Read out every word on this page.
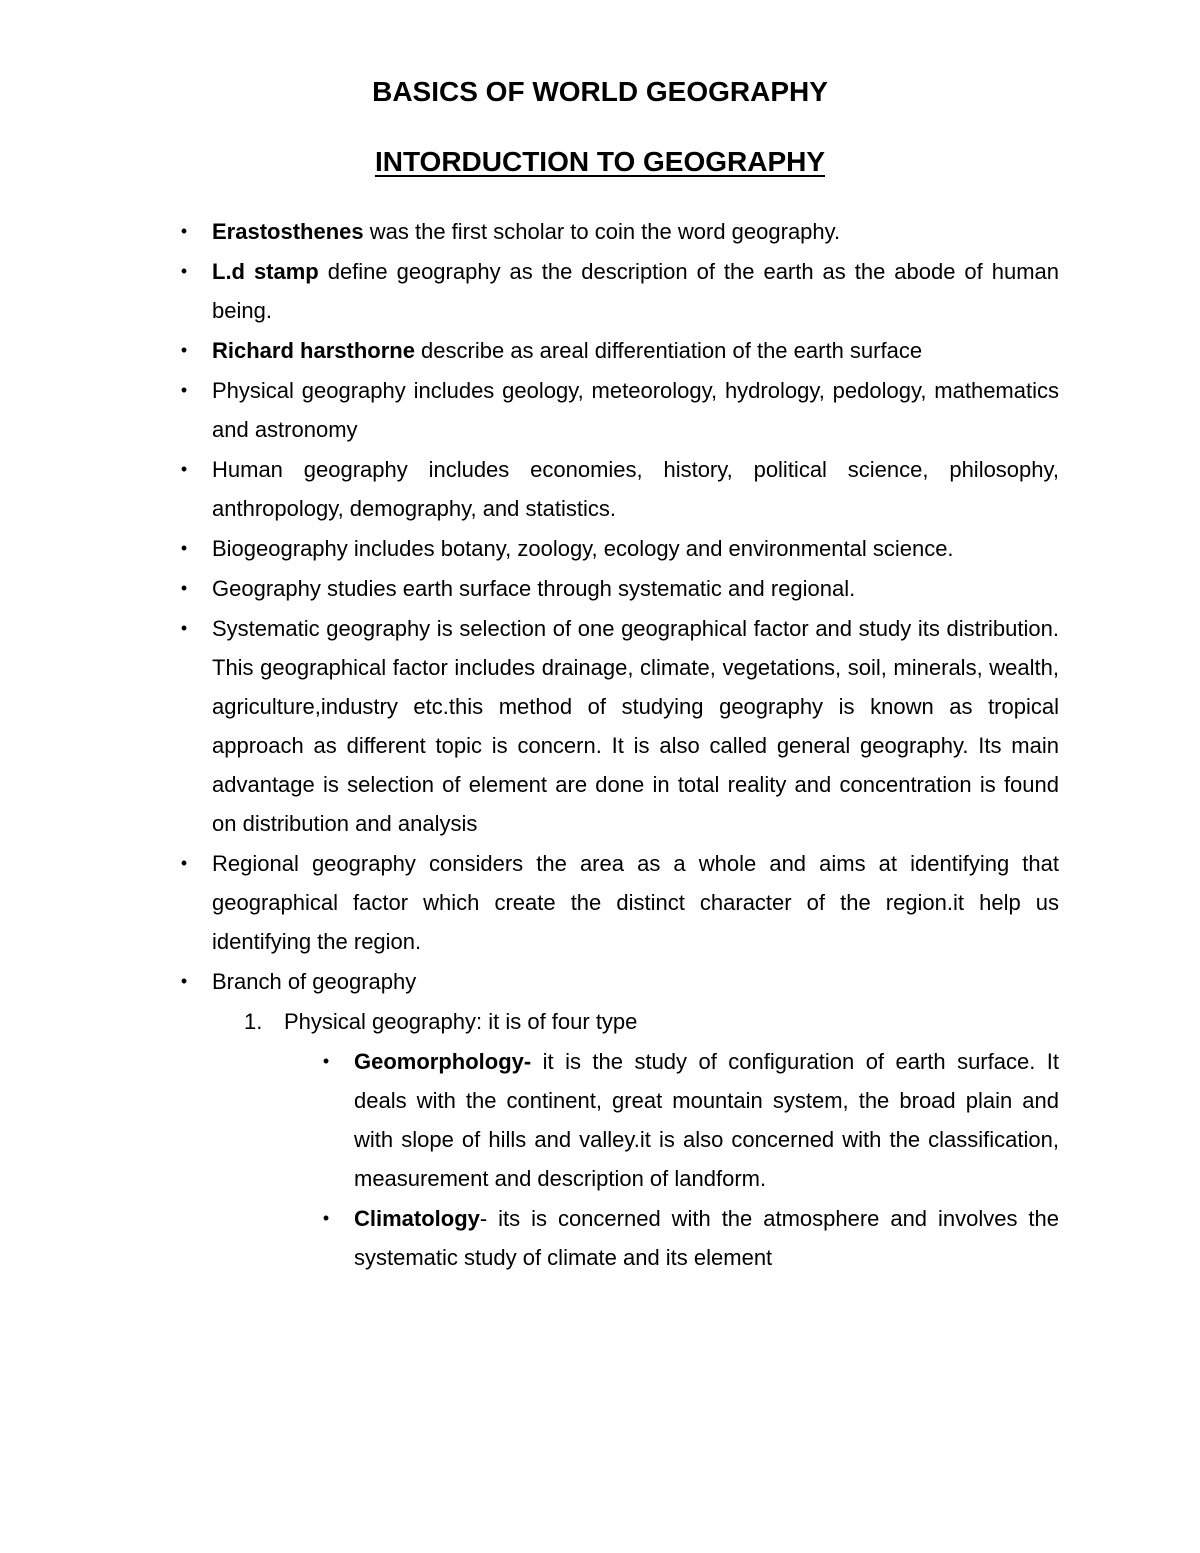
BASICS OF WORLD GEOGRAPHY
INTORDUCTION TO GEOGRAPHY
•	Erastosthenes was the first scholar to coin the word geography.
•	L.d stamp define geography as the description of the earth as the abode of human being.
•	Richard harsthorne describe as areal differentiation of the earth surface
•	Physical geography includes geology, meteorology, hydrology, pedology, mathematics and astronomy
•	Human geography includes economies, history, political science, philosophy, anthropology, demography, and statistics.
•	Biogeography includes botany, zoology, ecology and environmental science.
•	Geography studies earth surface through systematic and regional.
•	Systematic geography is selection of one geographical factor and study its distribution. This geographical factor includes drainage, climate, vegetations, soil, minerals, wealth, agriculture,industry etc.this method of studying geography is known as tropical approach as different topic is concern. It is also called general geography. Its main advantage is selection of element are done in total reality and concentration is found on distribution and analysis
•	Regional geography considers the area as a whole and aims at identifying that geographical factor which create the distinct character of the region.it help us identifying the region.
•	Branch of geography
1. Physical geography: it is of four type
•	Geomorphology- it is the study of configuration of earth surface. It deals with the continent, great mountain system, the broad plain and with slope of hills and valley.it is also concerned with the classification, measurement and description of landform.
•	Climatology- its is concerned with the atmosphere and involves the systematic study of climate and its element
